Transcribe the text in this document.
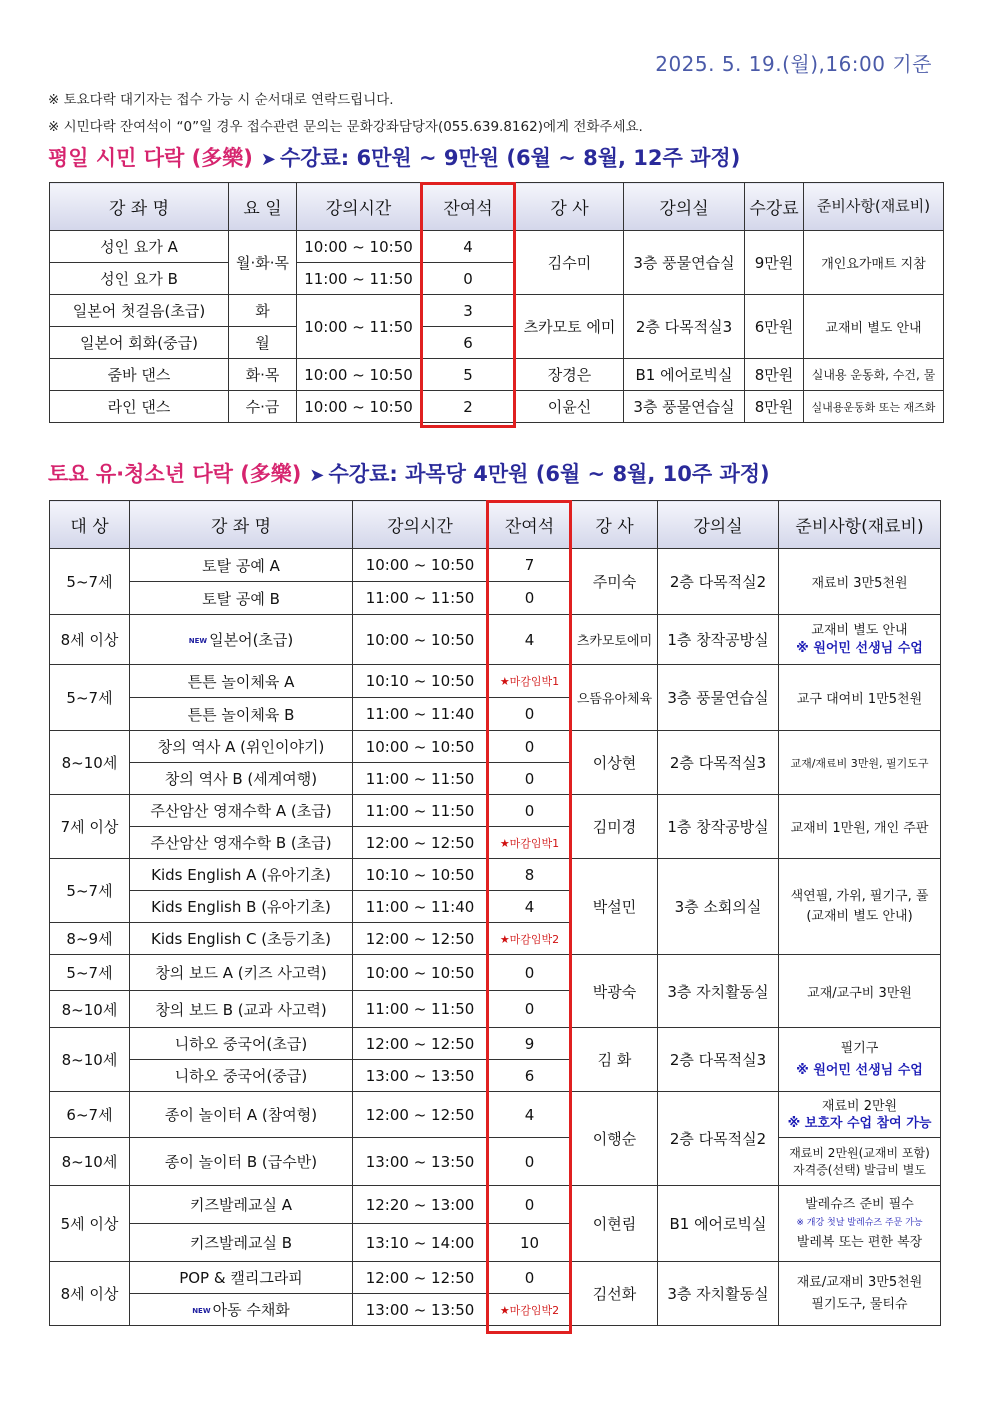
2025. 5. 19.(월),16:00 기준
※ 토요다락 대기자는 접수 가능 시 순서대로 연락드립니다.
※ 시민다락 잔여석이 “0”일 경우 접수관련 문의는 문화강좌담당자(055.639.8162)에게 전화주세요.
평일 시민 다락 (多樂) ➤ 수강료: 6만원 ~ 9만원 (6월 ~ 8월, 12주 과정)
강 좌 명	요 일	강의시간	잔여석	강 사	강의실	수강료	준비사항(재료비)
성인 요가 A	월·화·목	10:00 ~ 10:50	4	김수미	3층 풍물연습실	9만원	개인요가매트 지참
성인 요가 B		11:00 ~ 11:50	0				
일본어 첫걸음(초급)	화	10:00 ~ 11:50	3	츠카모토 에미	2층 다목적실3	6만원	교재비 별도 안내
일본어 회화(중급)	월		6				
줌바 댄스	화·목	10:00 ~ 10:50	5	장경은	B1 에어로빅실	8만원	실내용 운동화, 수건, 물
라인 댄스	수·금	10:00 ~ 10:50	2	이윤신	3층 풍물연습실	8만원	실내용운동화 또는 재즈화
토요 유·청소년 다락 (多樂) ➤ 수강료: 과목당 4만원 (6월 ~ 8월, 10주 과정)
대 상	강 좌 명	강의시간	잔여석	강 사	강의실	준비사항(재료비)
5~7세	토탈 공예 A	10:00 ~ 10:50	7	주미숙	2층 다목적실2	재료비 3만5천원
	토탈 공예 B	11:00 ~ 11:50	0			
8세 이상	NEW 일본어(초급)	10:00 ~ 10:50	4	츠카모토에미	1층 창작공방실	교재비 별도 안내
※ 원어민 선생님 수업

5~7세	튼튼 놀이체육 A	10:10 ~ 10:50	★마감임박1	으뜸유아체육	3층 풍물연습실	교구 대여비 1만5천원
	튼튼 놀이체육 B	11:00 ~ 11:40	0			
8~10세	창의 역사 A (위인이야기)	10:00 ~ 10:50	0	이상현	2층 다목적실3	교재/재료비 3만원, 필기도구
	창의 역사 B (세계여행)	11:00 ~ 11:50	0			
7세 이상	주산암산 영재수학 A (초급)	11:00 ~ 11:50	0	김미경	1층 창작공방실	교재비 1만원, 개인 주판
	주산암산 영재수학 B (초급)	12:00 ~ 12:50	★마감임박1			
5~7세	Kids English A (유아기초)	10:10 ~ 10:50	8	박설민	3층 소회의실	색연필, 가위, 필기구, 풀
(교재비 별도 안내)

	Kids English B (유아기초)	11:00 ~ 11:40	4			
8~9세	Kids English C (초등기초)	12:00 ~ 12:50	★마감임박2			
5~7세	창의 보드 A (키즈 사고력)	10:00 ~ 10:50	0	박광숙	3층 자치활동실	교재/교구비 3만원
8~10세	창의 보드 B (교과 사고력)	11:00 ~ 11:50	0			
8~10세	니하오 중국어(초급)	12:00 ~ 12:50	9	김 화	2층 다목적실3	필기구
※ 원어민 선생님 수업

	니하오 중국어(중급)	13:00 ~ 13:50	6			
6~7세	종이 놀이터 A (참여형)	12:00 ~ 12:50	4	이행순	2층 다목적실2	재료비 2만원
※ 보호자 수업 참여 가능

8~10세	종이 놀이터 B (급수반)	13:00 ~ 13:50	0			재료비 2만원(교재비 포함)
자격증(선택) 발급비 별도

5세 이상	키즈발레교실 A	12:20 ~ 13:00	0	이현림	B1 에어로빅실	발레슈즈 준비 필수
※ 개강 첫날 발레슈즈 주문 가능
발레복 또는 편한 복장

	키즈발레교실 B	13:10 ~ 14:00	10			
8세 이상	POP & 캘리그라피	12:00 ~ 12:50	0	김선화	3층 자치활동실	재료/교재비 3만5천원
필기도구, 물티슈

	NEW 아동 수채화	13:00 ~ 13:50	★마감임박2			
